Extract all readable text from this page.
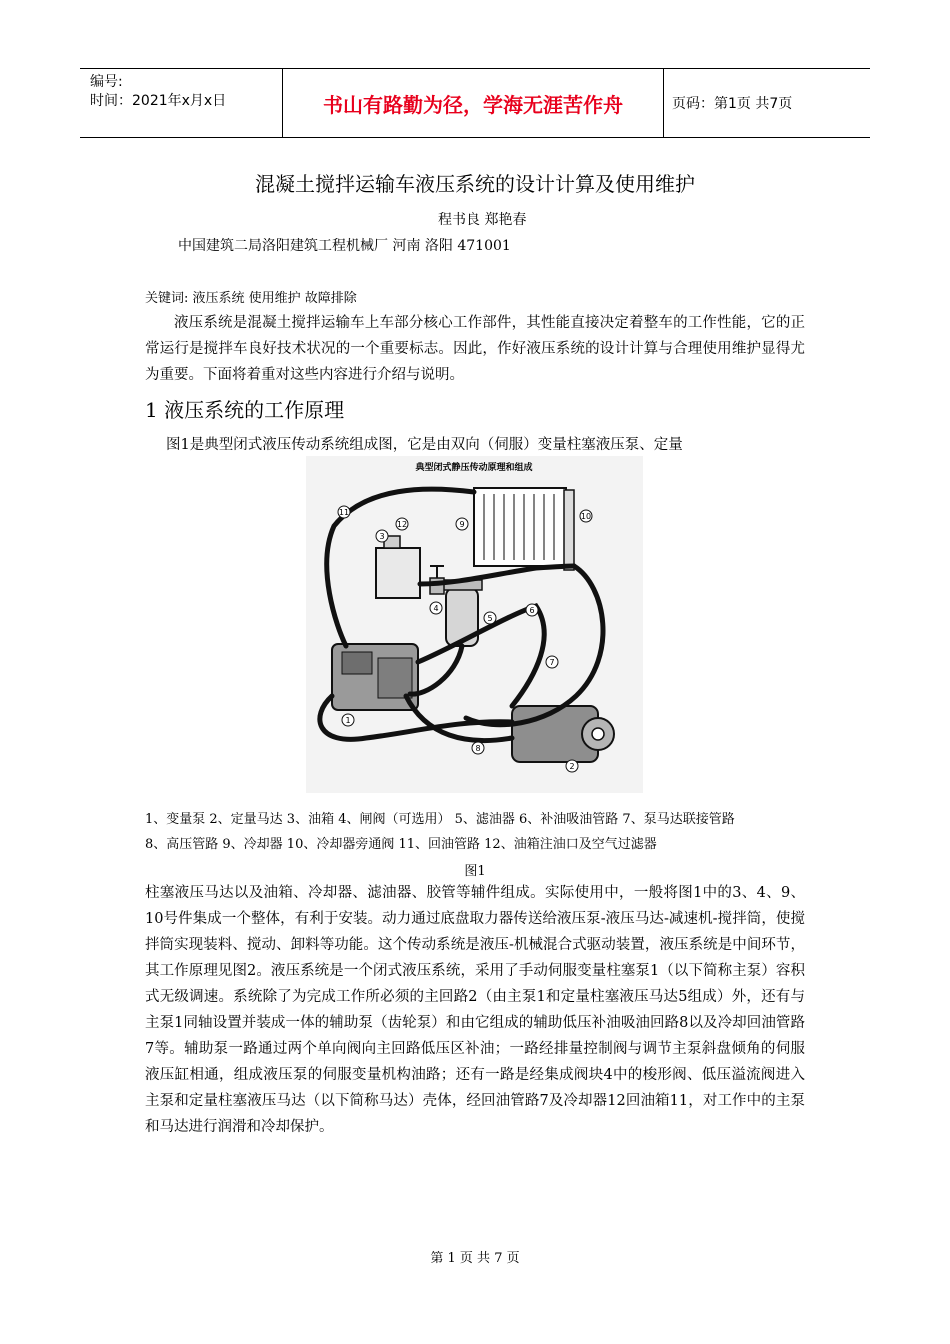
编号:
时间：2021年x月x日	书山有路勤为径，学海无涯苦作舟	页码：第1页 共7页
混凝土搅拌运输车液压系统的设计计算及使用维护
程书良 郑艳春
中国建筑二局洛阳建筑工程机械厂 河南 洛阳 471001
关键词: 液压系统 使用维护 故障排除
液压系统是混凝土搅拌运输车上车部分核心工作部件，其性能直接决定着整车的工作性能，它的正常运行是搅拌车良好技术状况的一个重要标志。因此，作好液压系统的设计计算与合理使用维护显得尤为重要。下面将着重对这些内容进行介绍与说明。
1 液压系统的工作原理
图1是典型闭式液压传动系统组成图，它是由双向（伺服）变量柱塞液压泵、定量
典型闭式静压传动原理和组成
1
2
3
4
5
6
7
8
9
10
11
12
1、变量泵 2、定量马达 3、油箱 4、闸阀（可选用） 5、滤油器 6、补油吸油管路 7、泵马达联接管路
8、高压管路 9、冷却器 10、冷却器旁通阀 11、回油管路 12、油箱注油口及空气过滤器
图1
柱塞液压马达以及油箱、冷却器、滤油器、胶管等辅件组成。实际使用中，一般将图1中的3、4、9、10号件集成一个整体，有利于安装。动力通过底盘取力器传送给液压泵-液压马达-减速机-搅拌筒，使搅拌筒实现装料、搅动、卸料等功能。这个传动系统是液压-机械混合式驱动装置，液压系统是中间环节，其工作原理见图2。液压系统是一个闭式液压系统，采用了手动伺服变量柱塞泵1（以下简称主泵）容积式无级调速。系统除了为完成工作所必须的主回路2（由主泵1和定量柱塞液压马达5组成）外，还有与主泵1同轴设置并装成一体的辅助泵（齿轮泵）和由它组成的辅助低压补油吸油回路8以及冷却回油管路7等。辅助泵一路通过两个单向阀向主回路低压区补油；一路经排量控制阀与调节主泵斜盘倾角的伺服液压缸相通，组成液压泵的伺服变量机构油路；还有一路是经集成阀块4中的梭形阀、低压溢流阀进入主泵和定量柱塞液压马达（以下简称马达）壳体，经回油管路7及冷却器12回油箱11，对工作中的主泵和马达进行润滑和冷却保护。
第 1 页 共 7 页
